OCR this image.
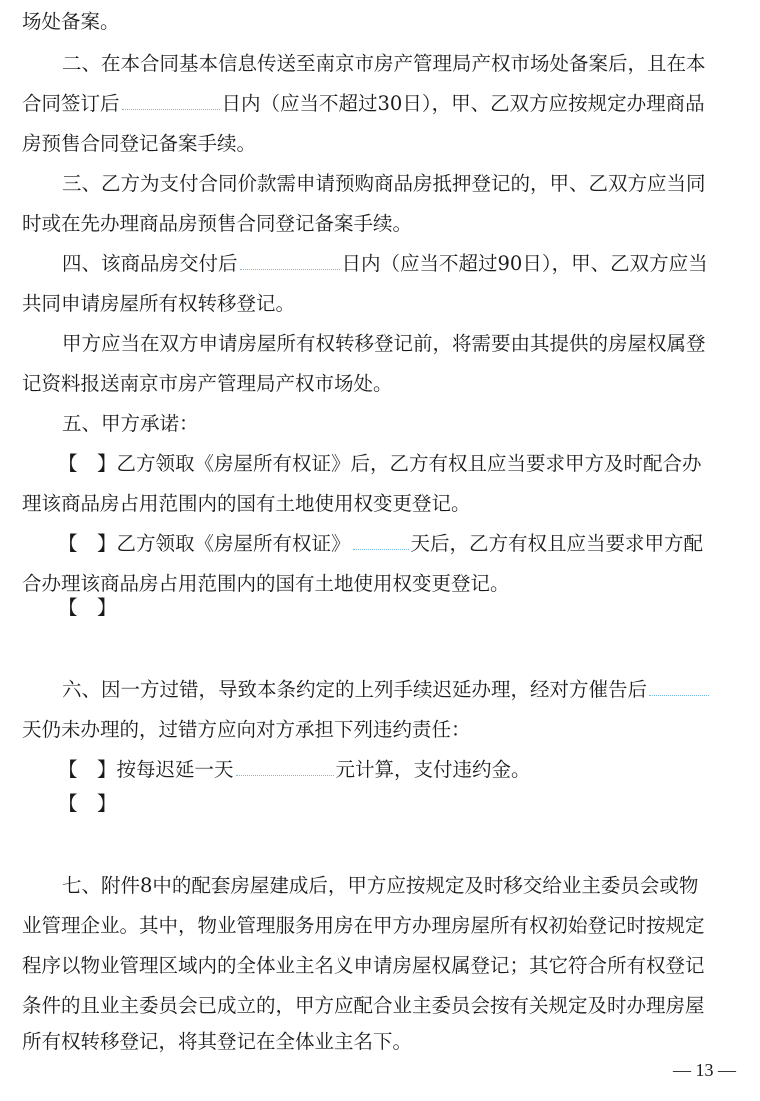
场处备案。
二、在本合同基本信息传送至南京市房产管理局产权市场处备案后，且在本
合同签订后	日内（应当不超过30日），甲、乙双方应按规定办理商品
房预售合同登记备案手续。
三、乙方为支付合同价款需申请预购商品房抵押登记的，甲、乙双方应当同
时或在先办理商品房预售合同登记备案手续。
四、该商品房交付后	日内（应当不超过90日），甲、乙双方应当
共同申请房屋所有权转移登记。
甲方应当在双方申请房屋所有权转移登记前，将需要由其提供的房屋权属登
记资料报送南京市房产管理局产权市场处。
五、甲方承诺：
【　】乙方领取《房屋所有权证》后，乙方有权且应当要求甲方及时配合办
理该商品房占用范围内的国有土地使用权变更登记。
【　】乙方领取《房屋所有权证》	天后，乙方有权且应当要求甲方配
合办理该商品房占用范围内的国有土地使用权变更登记。
【　】
六、因一方过错，导致本条约定的上列手续迟延办理，经对方催告后
天仍未办理的，过错方应向对方承担下列违约责任：
【　】按每迟延一天	元计算，支付违约金。
【　】
七、附件8中的配套房屋建成后，甲方应按规定及时移交给业主委员会或物
业管理企业。其中，物业管理服务用房在甲方办理房屋所有权初始登记时按规定
程序以物业管理区域内的全体业主名义申请房屋权属登记；其它符合所有权登记
条件的且业主委员会已成立的，甲方应配合业主委员会按有关规定及时办理房屋
所有权转移登记，将其登记在全体业主名下。
— 13 —
